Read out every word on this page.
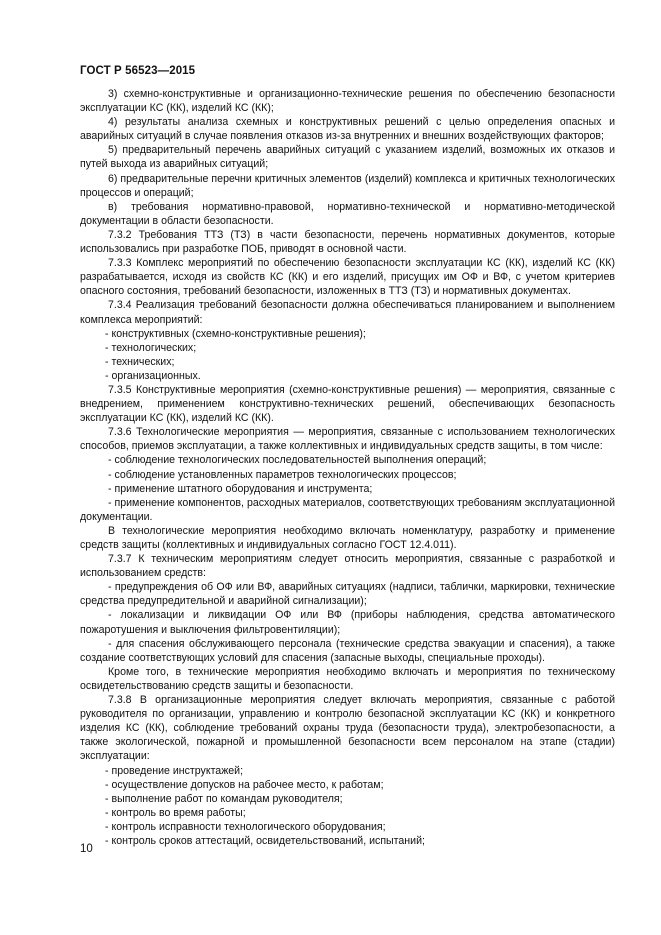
ГОСТ Р 56523—2015

3) схемно-конструктивные и организационно-технические решения по обеспечению безопасности эксплуатации КС (КК), изделий КС (КК);

4) результаты анализа схемных и конструктивных решений с целью определения опасных и аварийных ситуаций в случае появления отказов из-за внутренних и внешних воздействующих факторов;

5) предварительный перечень аварийных ситуаций с указанием изделий, возможных их отказов и путей выхода из аварийных ситуаций;

6) предварительные перечни критичных элементов (изделий) комплекса и критичных технологических процессов и операций;

в) требования нормативно-правовой, нормативно-технической и нормативно-методической документации в области безопасности.

7.3.2 Требования ТТЗ (ТЗ) в части безопасности, перечень нормативных документов, которые использовались при разработке ПОБ, приводят в основной части.

7.3.3 Комплекс мероприятий по обеспечению безопасности эксплуатации КС (КК), изделий КС (КК) разрабатывается, исходя из свойств КС (КК) и его изделий, присущих им ОФ и ВФ, с учетом критериев опасного состояния, требований безопасности, изложенных в ТТЗ (ТЗ) и нормативных документах.

7.3.4 Реализация требований безопасности должна обеспечиваться планированием и выполнением комплекса мероприятий:

- конструктивных (схемно-конструктивные решения);

- технологических;

- технических;

- организационных.

7.3.5 Конструктивные мероприятия (схемно-конструктивные решения) — мероприятия, связанные с внедрением, применением конструктивно-технических решений, обеспечивающих безопасность эксплуатации КС (КК), изделий КС (КК).

7.3.6 Технологические мероприятия — мероприятия, связанные с использованием технологических способов, приемов эксплуатации, а также коллективных и индивидуальных средств защиты, в том числе:

- соблюдение технологических последовательностей выполнения операций;

- соблюдение установленных параметров технологических процессов;

- применение штатного оборудования и инструмента;

- применение компонентов, расходных материалов, соответствующих требованиям эксплуатационной документации.

В технологические мероприятия необходимо включать номенклатуру, разработку и применение средств защиты (коллективных и индивидуальных согласно ГОСТ 12.4.011).

7.3.7 К техническим мероприятиям следует относить мероприятия, связанные с разработкой и использованием средств:

- предупреждения об ОФ или ВФ, аварийных ситуациях (надписи, таблички, маркировки, технические средства предупредительной и аварийной сигнализации);

- локализации и ликвидации ОФ или ВФ (приборы наблюдения, средства автоматического пожаротушения и выключения фильтровентиляции);

- для спасения обслуживающего персонала (технические средства эвакуации и спасения), а также создание соответствующих условий для спасения (запасные выходы, специальные проходы).

Кроме того, в технические мероприятия необходимо включать и мероприятия по техническому освидетельствованию средств защиты и безопасности.

7.3.8 В организационные мероприятия следует включать мероприятия, связанные с работой руководителя по организации, управлению и контролю безопасной эксплуатации КС (КК) и конкретного изделия КС (КК), соблюдение требований охраны труда (безопасности труда), электробезопасности, а также экологической, пожарной и промышленной безопасности всем персоналом на этапе (стадии) эксплуатации:

- проведение инструктажей;

- осуществление допусков на рабочее место, к работам;

- выполнение работ по командам руководителя;

- контроль во время работы;

- контроль исправности технологического оборудования;

- контроль сроков аттестаций, освидетельствований, испытаний;

10
